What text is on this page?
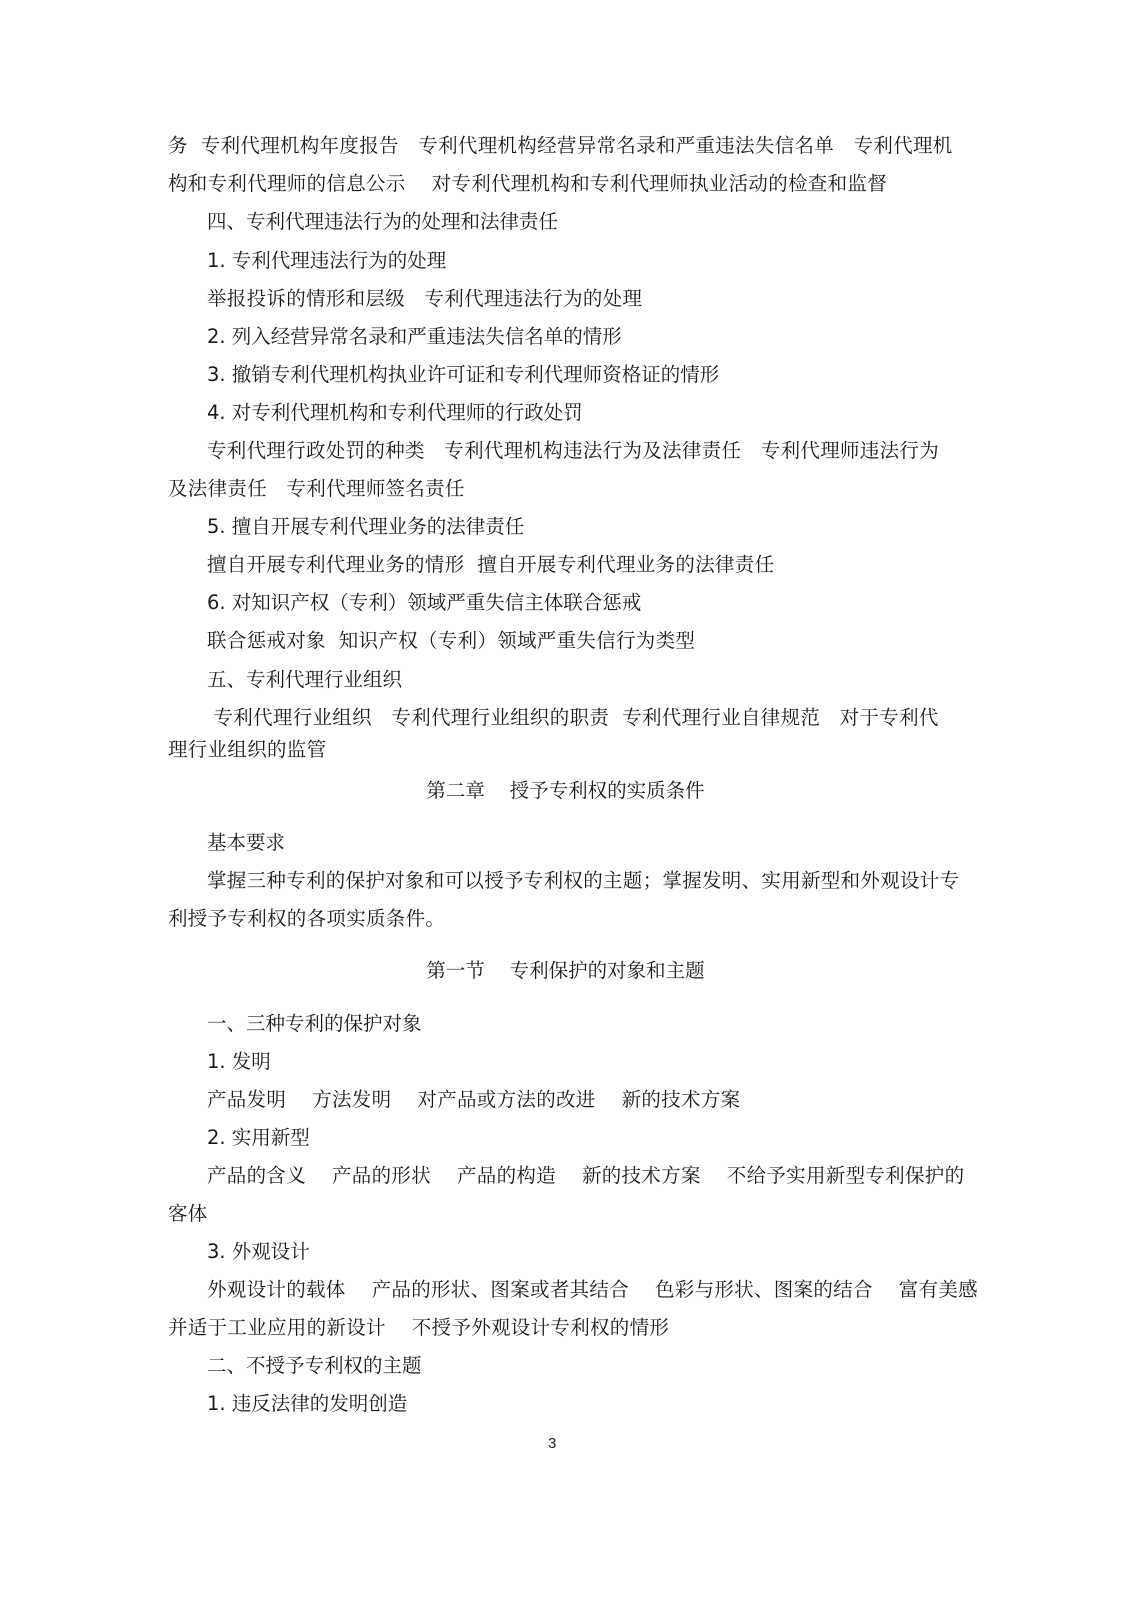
务  专利代理机构年度报告   专利代理机构经营异常名录和严重违法失信名单   专利代理机
构和专利代理师的信息公示    对专利代理机构和专利代理师执业活动的检查和监督
四、专利代理违法行为的处理和法律责任
1. 专利代理违法行为的处理
举报投诉的情形和层级   专利代理违法行为的处理
2. 列入经营异常名录和严重违法失信名单的情形
3. 撤销专利代理机构执业许可证和专利代理师资格证的情形
4. 对专利代理机构和专利代理师的行政处罚
专利代理行政处罚的种类   专利代理机构违法行为及法律责任   专利代理师违法行为
及法律责任   专利代理师签名责任
5. 擅自开展专利代理业务的法律责任
擅自开展专利代理业务的情形  擅自开展专利代理业务的法律责任
6. 对知识产权（专利）领域严重失信主体联合惩戒
联合惩戒对象  知识产权（专利）领域严重失信行为类型
五、专利代理行业组织
专利代理行业组织   专利代理行业组织的职责  专利代理行业自律规范   对于专利代
理行业组织的监管
第二章    授予专利权的实质条件
基本要求
掌握三种专利的保护对象和可以授予专利权的主题；掌握发明、实用新型和外观设计专
利授予专利权的各项实质条件。
第一节    专利保护的对象和主题
一、三种专利的保护对象
1. 发明
产品发明    方法发明    对产品或方法的改进    新的技术方案
2. 实用新型
产品的含义    产品的形状    产品的构造    新的技术方案    不给予实用新型专利保护的
客体
3. 外观设计
外观设计的载体    产品的形状、图案或者其结合    色彩与形状、图案的结合    富有美感
并适于工业应用的新设计    不授予外观设计专利权的情形
二、不授予专利权的主题
1. 违反法律的发明创造
3
